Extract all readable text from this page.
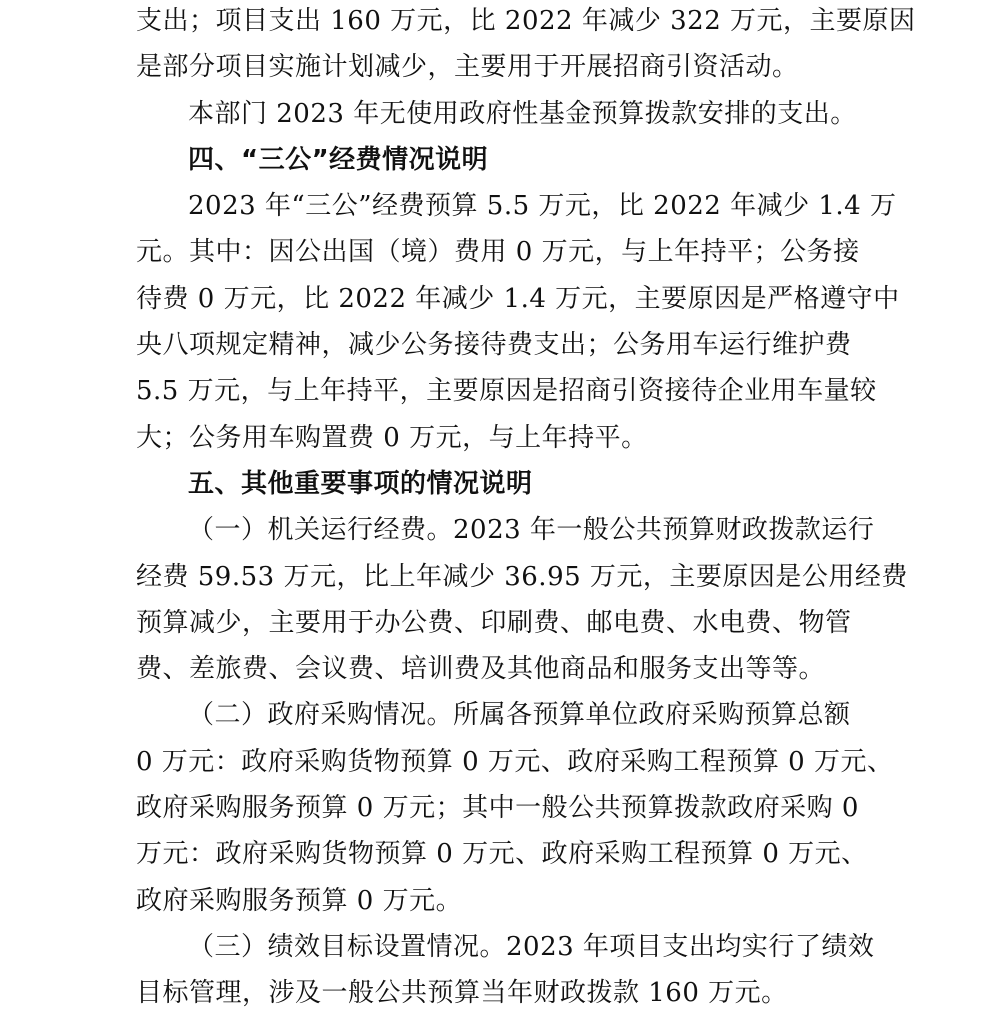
支出；项目支出 160 万元，比 2022 年减少 322 万元，主要原因
是部分项目实施计划减少，主要用于开展招商引资活动。
本部门 2023 年无使用政府性基金预算拨款安排的支出。
四、“三公”经费情况说明
2023 年“三公”经费预算 5.5 万元，比 2022 年减少 1.4 万
元。其中：因公出国（境）费用 0 万元，与上年持平；公务接
待费 0 万元，比 2022 年减少 1.4 万元，主要原因是严格遵守中
央八项规定精神，减少公务接待费支出；公务用车运行维护费
5.5 万元，与上年持平，主要原因是招商引资接待企业用车量较
大；公务用车购置费 0 万元，与上年持平。
五、其他重要事项的情况说明
（一）机关运行经费。2023 年一般公共预算财政拨款运行
经费 59.53 万元，比上年减少 36.95 万元，主要原因是公用经费
预算减少，主要用于办公费、印刷费、邮电费、水电费、物管
费、差旅费、会议费、培训费及其他商品和服务支出等等。
（二）政府采购情况。所属各预算单位政府采购预算总额
0 万元：政府采购货物预算 0 万元、政府采购工程预算 0 万元、
政府采购服务预算 0 万元；其中一般公共预算拨款政府采购 0
万元：政府采购货物预算 0 万元、政府采购工程预算 0 万元、
政府采购服务预算 0 万元。
（三）绩效目标设置情况。2023 年项目支出均实行了绩效
目标管理，涉及一般公共预算当年财政拨款 160 万元。
